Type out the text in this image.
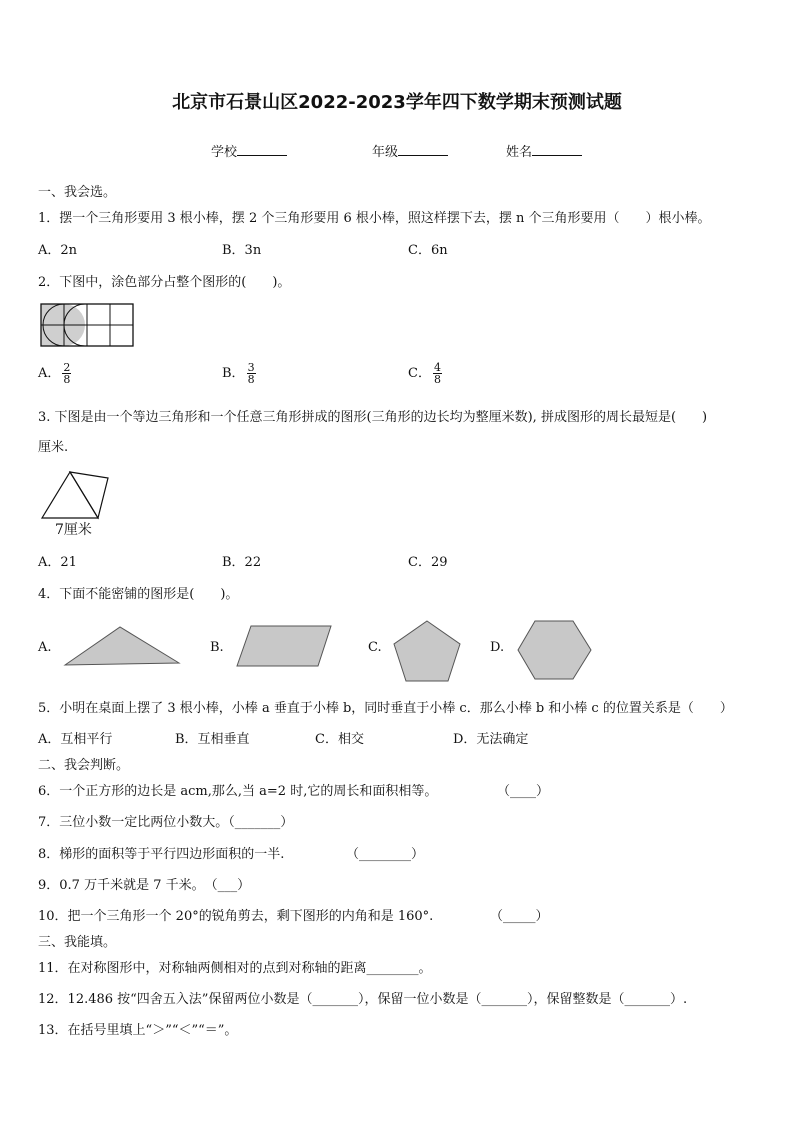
北京市石景山区2022-2023学年四下数学期末预测试题
学校	年级	姓名
一、我会选。
1．摆一个三角形要用 3 根小棒，摆 2 个三角形要用 6 根小棒，照这样摆下去，摆 n 个三角形要用（　　）根小棒。
A．2n	B．3n	C．6n
2．下图中，涂色部分占整个图形的(　　)。
A． $\frac{2}{8}$	B． $\frac{3}{8}$	C． $\frac{4}{8}$
3. 下图是由一个等边三角形和一个任意三角形拼成的图形(三角形的边长均为整厘米数), 拼成图形的周长最短是(　　)
厘米.
7厘米
A．21	B．22	C．29
4．下面不能密铺的图形是(　　)。
A.	B.	C.	D.
5．小明在桌面上摆了 3 根小棒，小棒 a 垂直于小棒 b，同时垂直于小棒 c．那么小棒 b 和小棒 c 的位置关系是（　　）
A．互相平行	B．互相垂直	C．相交	D．无法确定
二、我会判断。
6．一个正方形的边长是 acm,那么,当 a=2 时,它的周长和面积相等。	（____）
7．三位小数一定比两位小数大。（_______）
8．梯形的面积等于平行四边形面积的一半.	（________）
9．0.7 万千米就是 7 千米。　（___）
10．把一个三角形一个 20°的锐角剪去，剩下图形的内角和是 160°.	（_____）
三、我能填。
11．在对称图形中，对称轴两侧相对的点到对称轴的距离________。
12．12.486 按“四舍五入法”保留两位小数是（_______），保留一位小数是（_______），保留整数是（_______）.
13．在括号里填上“＞”“＜”“＝”。
